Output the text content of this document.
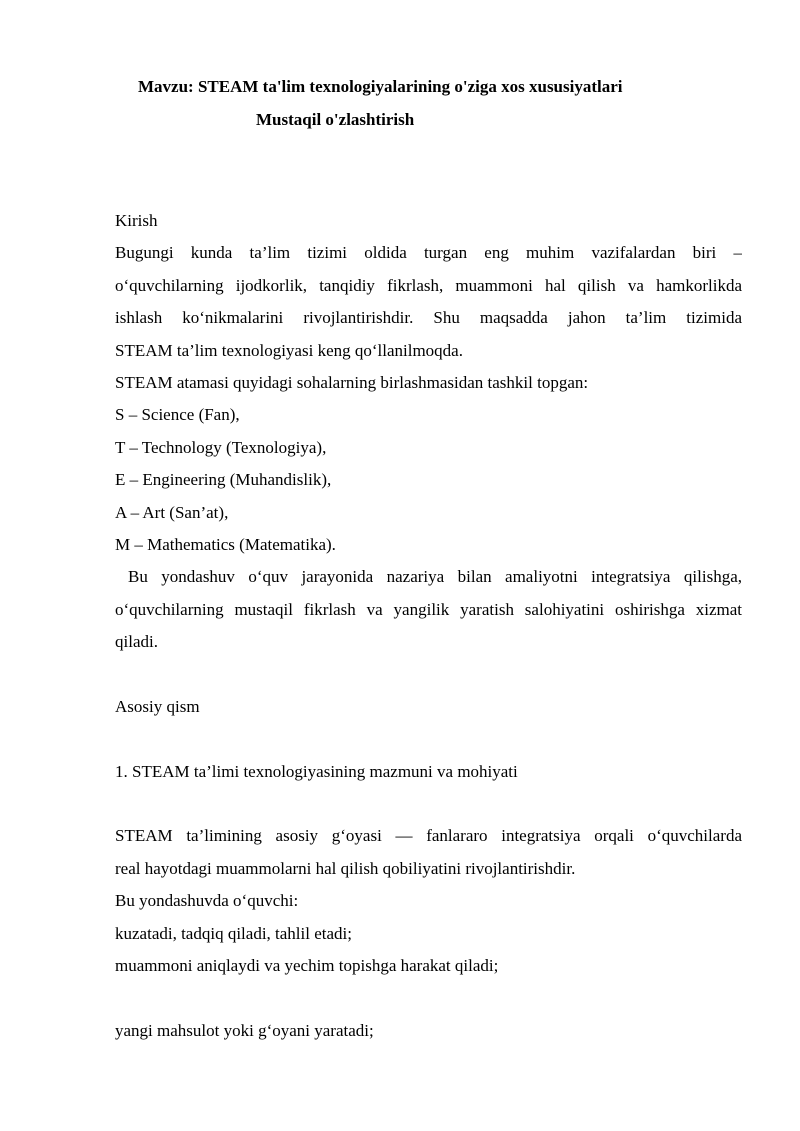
Mavzu: STEAM ta'lim texnologiyalarining o'ziga xos xususiyatlari
Mustaqil o'zlashtirish
Kirish
Bugungi kunda ta’lim tizimi oldida turgan eng muhim vazifalardan biri –
o‘quvchilarning ijodkorlik, tanqidiy fikrlash, muammoni hal qilish va hamkorlikda
ishlash ko‘nikmalarini rivojlantirishdir. Shu maqsadda jahon ta’lim tizimida
STEAM ta’lim texnologiyasi keng qo‘llanilmoqda.
STEAM atamasi quyidagi sohalarning birlashmasidan tashkil topgan:
S – Science (Fan),
T – Technology (Texnologiya),
E – Engineering (Muhandislik),
A – Art (San’at),
M – Mathematics (Matematika).
Bu yondashuv o‘quv jarayonida nazariya bilan amaliyotni integratsiya qilishga,
o‘quvchilarning mustaqil fikrlash va yangilik yaratish salohiyatini oshirishga xizmat
qiladi.
Asosiy qism
1. STEAM ta’limi texnologiyasining mazmuni va mohiyati
STEAM ta’limining asosiy g‘oyasi — fanlararo integratsiya orqali o‘quvchilarda
real hayotdagi muammolarni hal qilish qobiliyatini rivojlantirishdir.
Bu yondashuvda o‘quvchi:
kuzatadi, tadqiq qiladi, tahlil etadi;
muammoni aniqlaydi va yechim topishga harakat qiladi;
yangi mahsulot yoki g‘oyani yaratadi;
